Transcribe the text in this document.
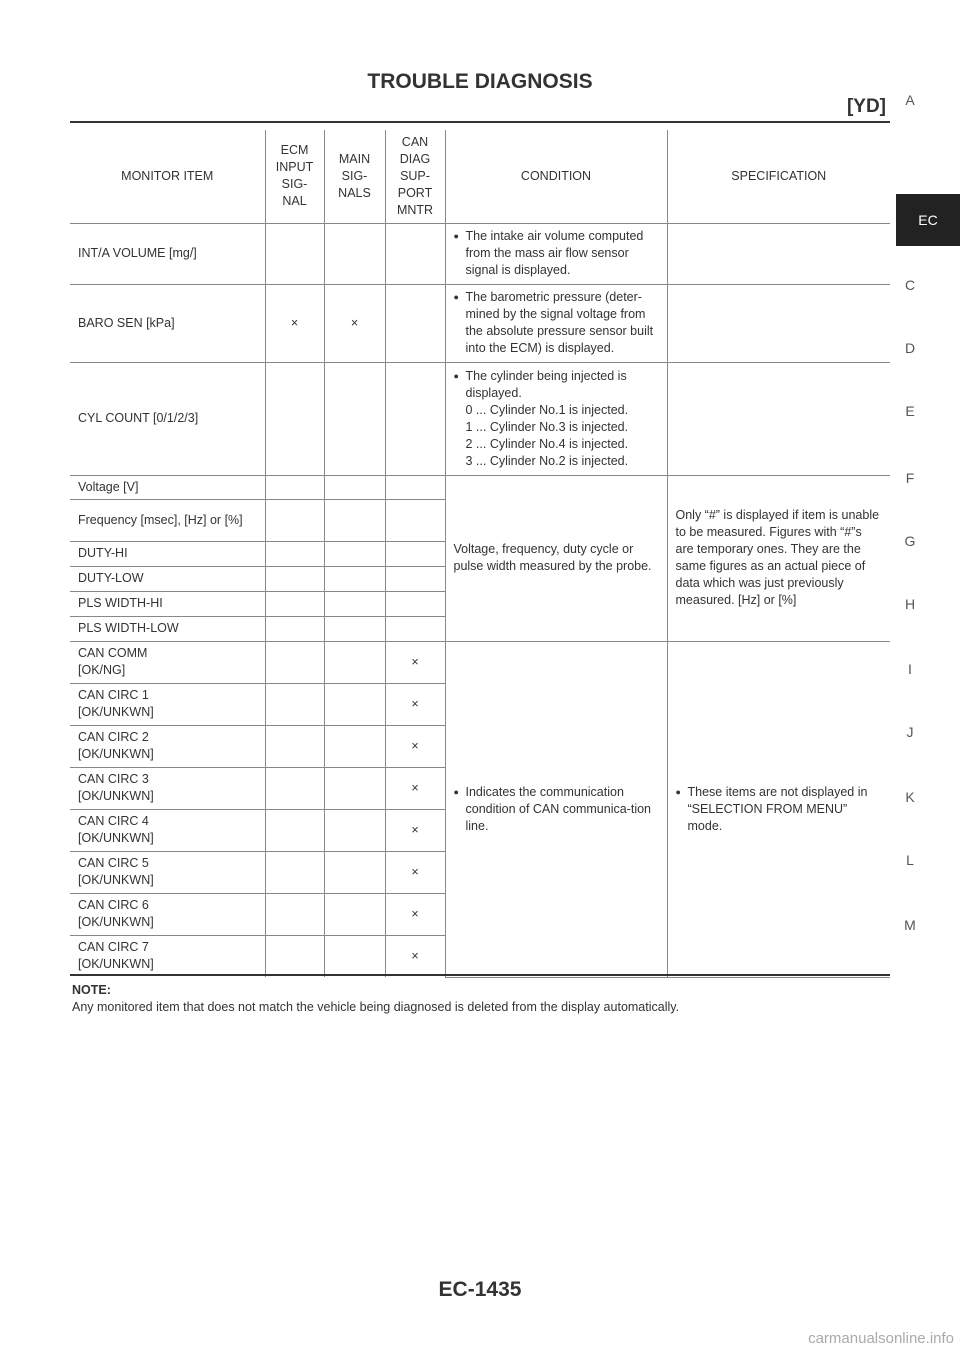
TROUBLE DIAGNOSIS
[YD]	A
EC
C
D
E
F
G
H
I
J
K
L
M
MONITOR ITEM	ECM INPUT SIG-NAL	MAIN SIG-NALS	CAN DIAG SUP-PORT MNTR	CONDITION	SPECIFICATION
INT/A VOLUME [mg/]				● The intake air volume computed from the mass air flow sensor signal is displayed.

BARO SEN [kPa]	×	×		● The barometric pressure (deter-mined by the signal voltage from the absolute pressure sensor built into the ECM) is displayed.

CYL COUNT [0/1/2/3]				● The cylinder being injected is displayed.
0 ... Cylinder No.1 is injected.
1 ... Cylinder No.3 is injected.
2 ... Cylinder No.4 is injected.
3 ... Cylinder No.2 is injected.

Voltage [V]				Voltage, frequency, duty cycle or pulse width measured by the probe.	Only “#” is displayed if item is unable to be measured. Figures with “#”s are temporary ones. They are the same figures as an actual piece of data which was just previously measured. [Hz] or [%]
Frequency [msec], [Hz] or [%]					
DUTY-HI					
DUTY-LOW					
PLS WIDTH-HI					
PLS WIDTH-LOW					
CAN COMM
[OK/NG]			×	● Indicates the communication condition of CAN communica-tion line.	● These items are not displayed in “SELECTION FROM MENU” mode.

CAN CIRC 1
[OK/UNKWN]			×		
CAN CIRC 2
[OK/UNKWN]			×		
CAN CIRC 3
[OK/UNKWN]			×		
CAN CIRC 4
[OK/UNKWN]			×		
CAN CIRC 5
[OK/UNKWN]			×		
CAN CIRC 6
[OK/UNKWN]			×		
CAN CIRC 7
[OK/UNKWN]			×		
NOTE:
Any monitored item that does not match the vehicle being diagnosed is deleted from the display automatically.
EC-1435
carmanualsonline.info
